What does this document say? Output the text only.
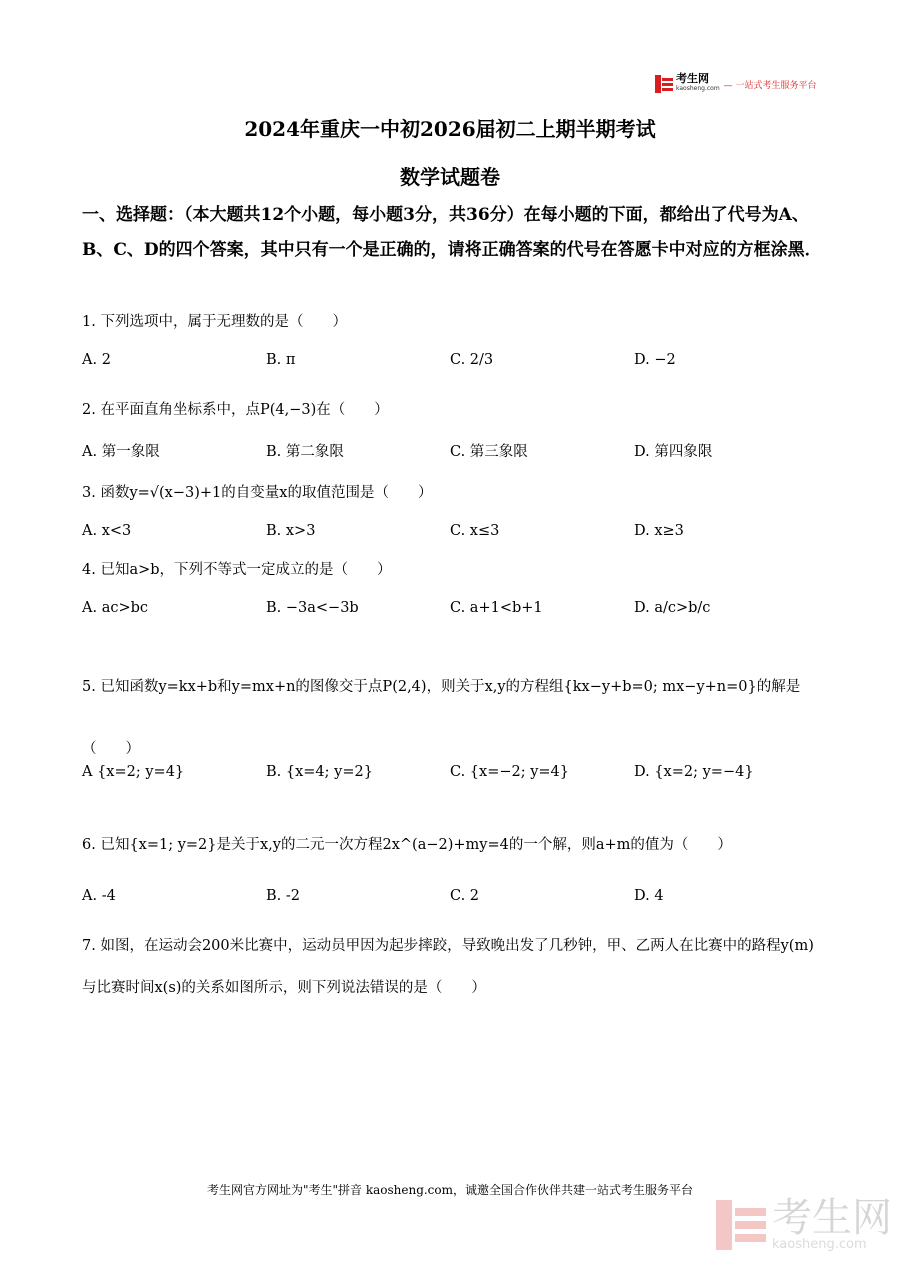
考生网
kaosheng.com — 一站式考生服务平台
2024年重庆一中初2026届初二上期半期考试
数学试题卷
一、选择题：（本大题共12个小题，每小题3分，共36分）在每小题的下面，都给出了代号为A、B、C、D的四个答案，其中只有一个是正确的，请将正确答案的代号在答愿卡中对应的方框涂黑．
1. 下列选项中，属于无理数的是（　　）
A. 2	B. π	C. 2/3	D. −2
2. 在平面直角坐标系中，点P(4,−3)在（　　）
A. 第一象限	B. 第二象限	C. 第三象限	D. 第四象限
3. 函数y=√(x−3)+1的自变量x的取值范围是（　　）
A. x<3	B. x>3	C. x≤3	D. x≥3
4. 已知a>b，下列不等式一定成立的是（　　）
A. ac>bc	B. −3a<−3b	C. a+1<b+1	D. a/c>b/c
5. 已知函数y=kx+b和y=mx+n的图像交于点P(2,4)，则关于x,y的方程组{kx−y+b=0; mx−y+n=0}的解是（　　）
A {x=2; y=4}	B. {x=4; y=2}	C. {x=−2; y=4}	D. {x=2; y=−4}
6. 已知{x=1; y=2}是关于x,y的二元一次方程2x^(a−2)+my=4的一个解，则a+m的值为（　　）
A. -4	B. -2	C. 2	D. 4
7. 如图，在运动会200米比赛中，运动员甲因为起步摔跤，导致晚出发了几秒钟，甲、乙两人在比赛中的路程y(m)与比赛时间x(s)的关系如图所示，则下列说法错误的是（　　）
考生网官方网址为"考生"拼音 kaosheng.com，诚邀全国合作伙伴共建一站式考生服务平台
考生网
kaosheng.com
